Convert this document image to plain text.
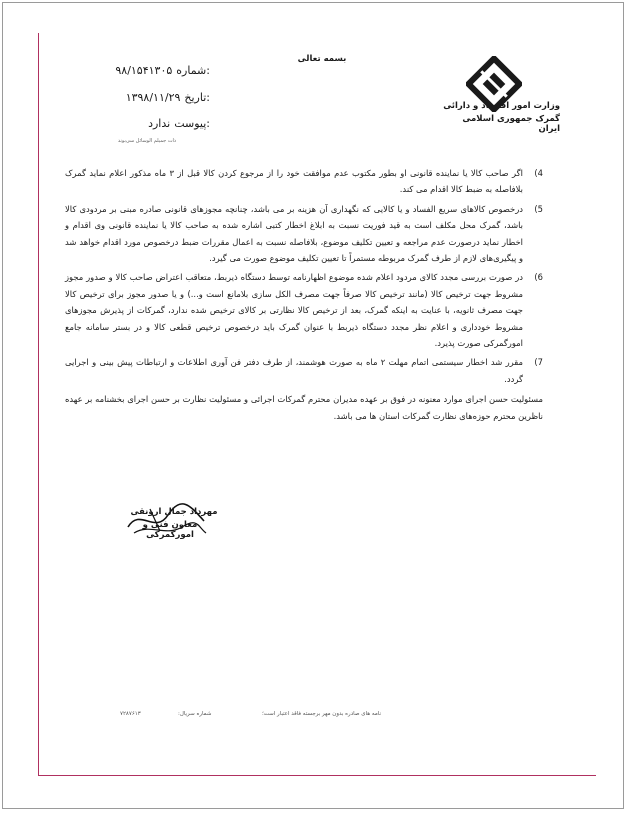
وزارت امور اقتصاد و دارائی
گمرک جمهوری اسلامی ایران
بسمه تعالی
شماره:
۹۸/۱۵۴۱۳۰۵
تاریخ:
۱۳۹۸/۱۱/۲۹
پیوست:
ندارد
ذات جمیلم الوسائل سی‌بوند
4)
اگر صاحب کالا یا نماینده قانونی او بطور مکتوب عدم موافقت خود را از مرجوع کردن کالا قبل از ۳ ماه مذکور اعلام نماید گمرک بلافاصله به ضبط کالا اقدام می کند.
5)
درخصوص کالاهای سریع الفساد و یا کالایی که نگهداری آن هزینه بر می باشد، چنانچه مجوزهای قانونی صادره مبنی بر مردودی کالا باشد، گمرک محل مکلف است به قید فوریت نسبت به ابلاغ اخطار کتبی اشاره شده به صاحب کالا یا نماینده قانونی وی اقدام و اخطار نماید درصورت عدم مراجعه و تعیین تکلیف موضوع، بلافاصله نسبت به اعمال مقررات ضبط درخصوص مورد اقدام خواهد شد و پیگیری‌های لازم از طرف گمرک مربوطه مستمراً تا تعیین تکلیف موضوع صورت می گیرد.
6)
در صورت بررسی مجدد کالای مردود اعلام شده موضوع اظهارنامه توسط دستگاه ذیربط، متعاقب اعتراض صاحب کالا و صدور مجوز مشروط جهت ترخیص کالا (مانند ترخیص کالا صرفاً جهت مصرف الکل سازی بلامانع است و...) و یا صدور مجوز برای ترخیص کالا جهت مصرف ثانویه، با عنایت به اینکه گمرک، بعد از ترخیص کالا نظارتی بر کالای ترخیص شده ندارد، گمرکات از پذیرش مجوزهای مشروط خودداری و اعلام نظر مجدد دستگاه ذیربط با عنوان گمرک باید درخصوص ترخیص قطعی کالا و در بستر سامانه جامع امورگمرکی صورت پذیرد.
7)
مقرر شد اخطار سیستمی اتمام مهلت ۲ ماه به صورت هوشمند، از طرف دفتر فن آوری اطلاعات و ارتباطات پیش بینی و اجرایی گردد.
مسئولیت حسن اجرای موارد معنونه در فوق بر عهده مدیران محترم گمرکات اجرائی و مسئولیت نظارت بر حسن اجرای بخشنامه بر عهده ناظرین محترم حوزه‌های نظارت گمرکات استان ها می باشد.
مهرداد جمال ارونقی
معاون فنی و امورگمرکی
نامه های صادره بدون مهر برجسته فاقد اعتبار است؛
شماره سریال:
۷۲۸۷۶۱۳
